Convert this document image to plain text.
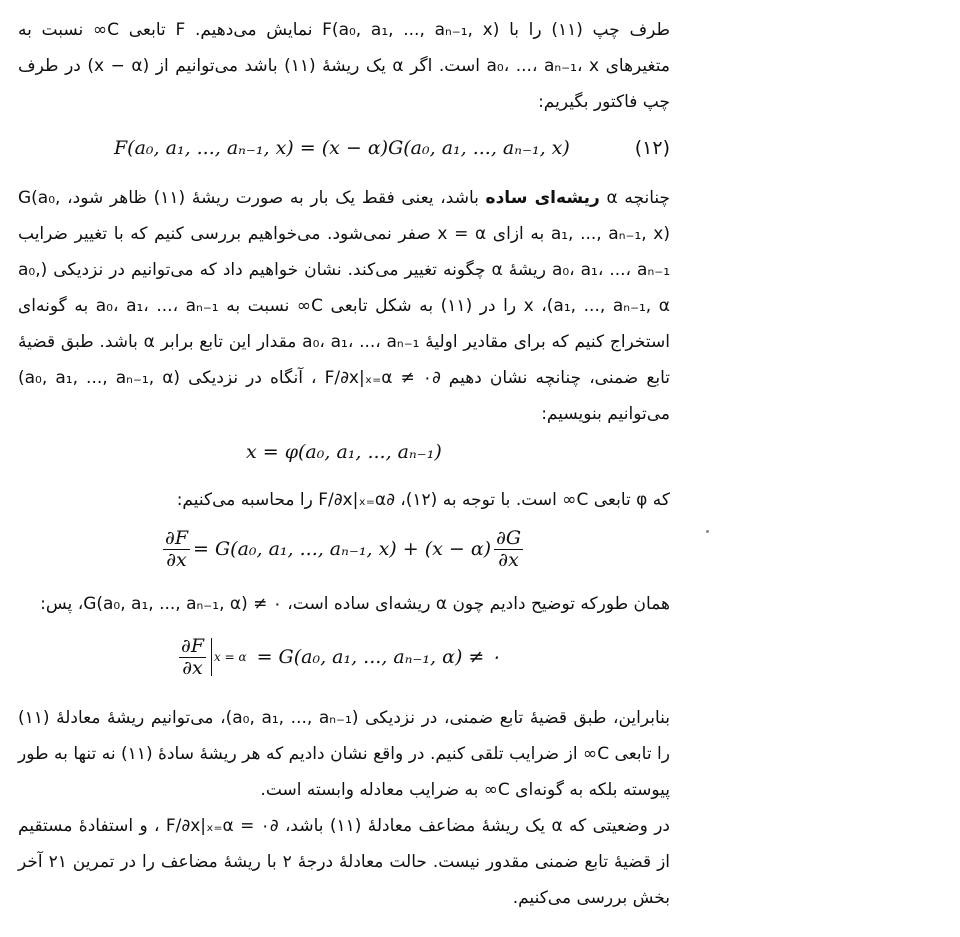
طرف چپ (۱۱) را با F(a₀, a₁, ..., aₙ₋₁, x) نمایش می‌دهیم. F تابعی C∞ نسبت به متغیرهای a₀، ...، aₙ₋₁، x است. اگر α یک ریشهٔ (۱۱) باشد می‌توانیم از (x − α) در طرف چپ فاکتور بگیریم:

F(a₀, a₁, ..., aₙ₋₁, x) = (x − α)G(a₀, a₁, ..., aₙ₋₁, x)	(۱۲)

چنانچه α ریشه‌ای ساده باشد، یعنی فقط یک بار به صورت ریشهٔ (۱۱) ظاهر شود، G(a₀, a₁, ..., aₙ₋₁, x) به ازای x = α صفر نمی‌شود. می‌خواهیم بررسی کنیم که با تغییر ضرایب a₀، a₁، ...، aₙ₋₁ ریشهٔ α چگونه تغییر می‌کند. نشان خواهیم داد که می‌توانیم در نزدیکی (a₀, a₁, ..., aₙ₋₁, α)، x را در (۱۱) به شکل تابعی C∞ نسبت به a₀، a₁، ...، aₙ₋₁ به گونه‌ای استخراج کنیم که برای مقادیر اولیهٔ a₀، a₁، ...، aₙ₋₁ مقدار این تابع برابر α باشد. طبق قضیهٔ تابع ضمنی، چنانچه نشان دهیم ∂F/∂x|ₓ₌α ≠ ۰ ، آنگاه در نزدیکی (a₀, a₁, ..., aₙ₋₁, α) می‌توانیم بنویسیم:

x = φ(a₀, a₁, ..., aₙ₋₁)

که φ تابعی C∞ است. با توجه به (۱۲)، ∂F/∂x|ₓ₌α را محاسبه می‌کنیم:

$\frac{\partial F}{\partial x} = G(a_0$, a₁, ..., aₙ₋₁, $x) + (x - \alpha) \frac{\partial G}{\partial x}$

همان طورکه توضیح دادیم چون α ریشه‌ای ساده است، G(a₀, a₁, ..., aₙ₋₁, α) ≠ ۰، پس:

$\frac{\partial F}{\partial x}$ x = α = G(a₀, a₁, ..., aₙ₋₁, α) ≠ ۰

بنابراین، طبق قضیهٔ تابع ضمنی، در نزدیکی (a₀, a₁, ..., aₙ₋₁)، می‌توانیم ریشهٔ معادلهٔ (۱۱) را تابعی C∞ از ضرایب تلقی کنیم. در واقع نشان دادیم که هر ریشهٔ سادهٔ (۱۱) نه تنها به طور پیوسته بلکه به گونه‌ای C∞ به ضرایب معادله وابسته است.

در وضعیتی که α یک ریشهٔ مضاعف معادلهٔ (۱۱) باشد، ∂F/∂x|ₓ₌α = ۰ ، و استفادهٔ مستقیم از قضیهٔ تابع ضمنی مقدور نیست. حالت معادلهٔ درجهٔ ۲ با ریشهٔ مضاعف را در تمرین ۲۱ آخر بخش بررسی می‌کنیم.
